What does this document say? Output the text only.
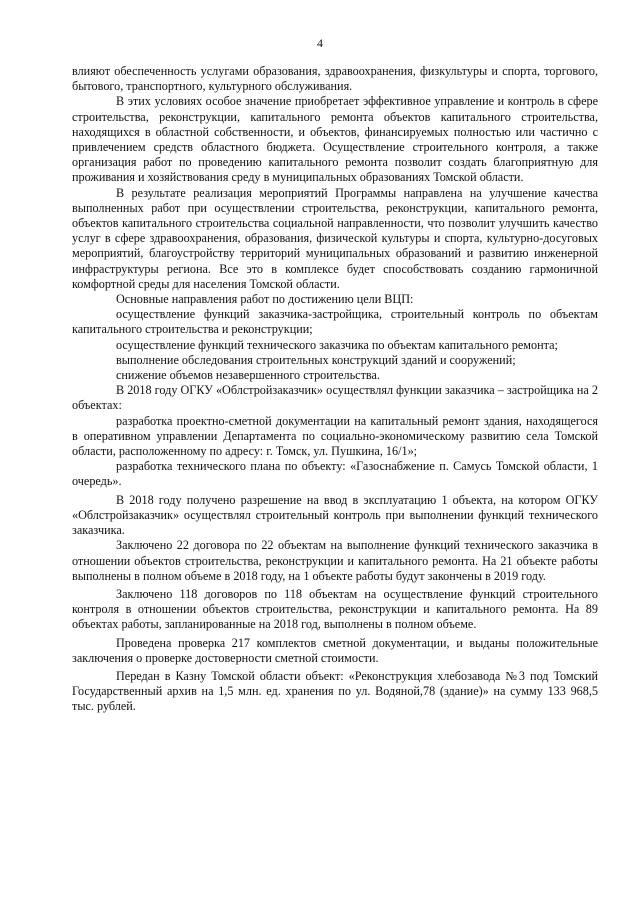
4

влияют обеспеченность услугами образования, здравоохранения, физкультуры и спорта, торгового, бытового, транспортного, культурного обслуживания.

В этих условиях особое значение приобретает эффективное управление и контроль в сфере строительства, реконструкции, капитального ремонта объектов капитального строительства, находящихся в областной собственности, и объектов, финансируемых полностью или частично с привлечением средств областного бюджета. Осуществление строительного контроля, а также организация работ по проведению капитального ремонта позволит создать благоприятную для проживания и хозяйствования среду в муниципальных образованиях Томской области.

В результате реализация мероприятий Программы направлена на улучшение качества выполненных работ при осуществлении строительства, реконструкции, капитального ремонта, объектов капитального строительства социальной направленности, что позволит улучшить качество услуг в сфере здравоохранения, образования, физической культуры и спорта, культурно-досуговых мероприятий, благоустройству территорий муниципальных образований и развитию инженерной инфраструктуры региона. Все это в комплексе будет способствовать созданию гармоничной комфортной среды для населения Томской области.

Основные направления работ по достижению цели ВЦП:

осуществление функций заказчика-застройщика, строительный контроль по объектам капитального строительства и реконструкции;

осуществление функций технического заказчика по объектам капитального ремонта;

выполнение обследования строительных конструкций зданий и сооружений;

снижение объемов незавершенного строительства.

В 2018 году ОГКУ «Облстройзаказчик» осуществлял функции заказчика – застройщика на 2 объектах:

разработка проектно-сметной документации на капитальный ремонт здания, находящегося в оперативном управлении Департамента по социально-экономическому развитию села Томской области, расположенному по адресу: г. Томск, ул. Пушкина, 16/1»;

разработка технического плана по объекту: «Газоснабжение п. Самусь Томской области, 1 очередь».

В 2018 году получено разрешение на ввод в эксплуатацию 1 объекта, на котором ОГКУ «Облстройзаказчик» осуществлял строительный контроль при выполнении функций технического заказчика.

Заключено 22 договора по 22 объектам на выполнение функций технического заказчика в отношении объектов строительства, реконструкции и капитального ремонта. На 21 объекте работы выполнены в полном объеме в 2018 году, на 1 объекте работы будут закончены в 2019 году.

Заключено 118 договоров по 118 объектам на осуществление функций строительного контроля в отношении объектов строительства, реконструкции и капитального ремонта. На 89 объектах работы, запланированные на 2018 год, выполнены в полном объеме.

Проведена проверка 217 комплектов сметной документации, и выданы положительные заключения о проверке достоверности сметной стоимости.

Передан в Казну Томской области объект: «Реконструкция хлебозавода №3 под Томский Государственный архив на 1,5 млн. ед. хранения по ул. Водяной,78 (здание)» на сумму 133 968,5 тыс. рублей.
